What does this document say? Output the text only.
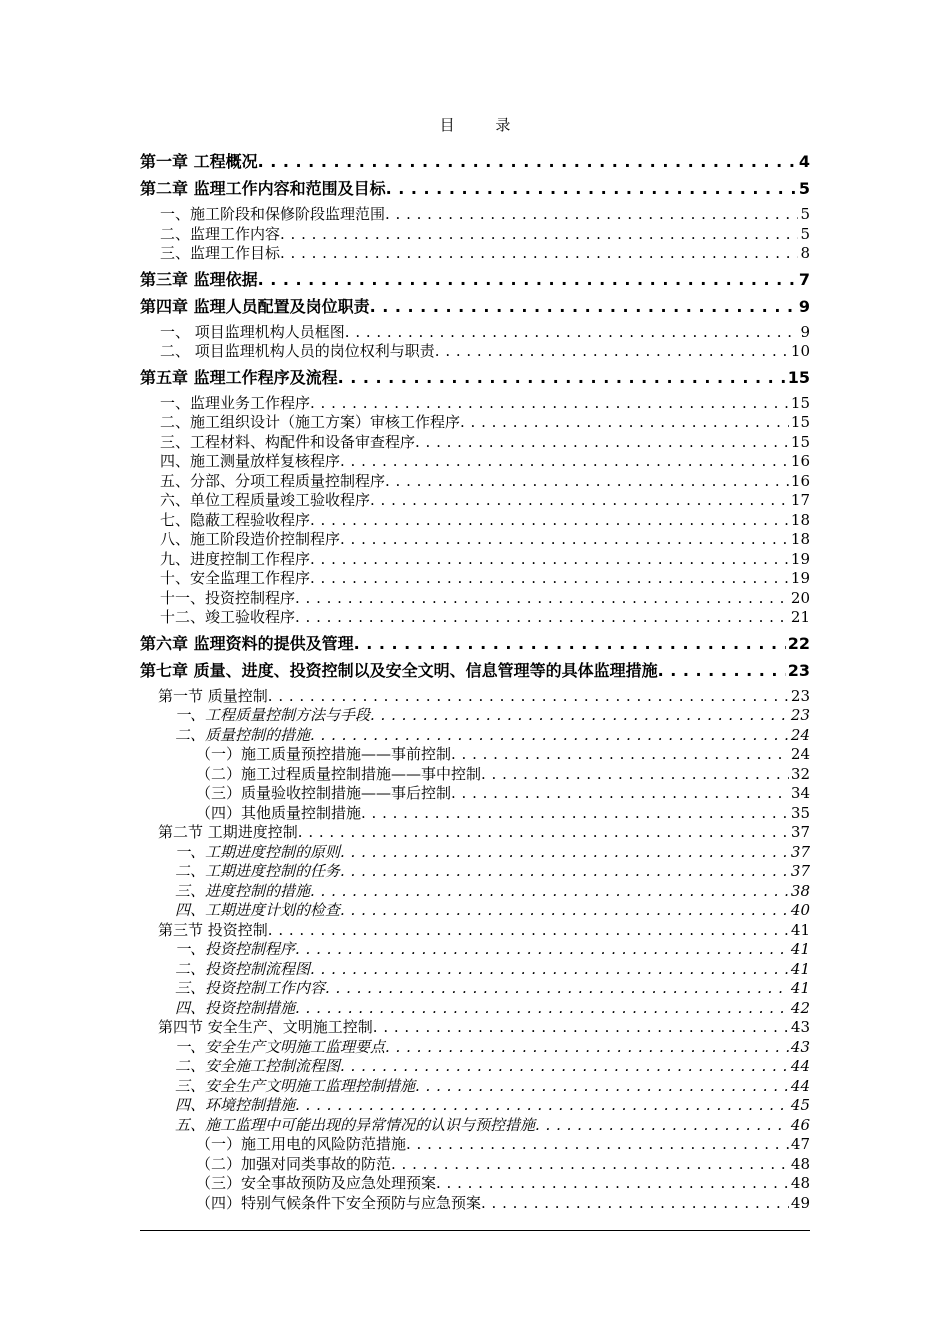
目 录
第一章 工程概况 . . .	4
第二章 监理工作内容和范围及目标 . . .	5
一、施工阶段和保修阶段监理范围 . . .	5
二、监理工作内容 . . .	5
三、监理工作目标 . . .	8
第三章 监理依据 . . .	7
第四章 监理人员配置及岗位职责 . . .	9
一、 项目监理机构人员框图 . . .	9
二、 项目监理机构人员的岗位权利与职责 . . .	10
第五章 监理工作程序及流程 . . .	15
一、监理业务工作程序 . . .	15
二、施工组织设计（施工方案）审核工作程序 . . .	15
三、工程材料、构配件和设备审查程序 . . .	15
四、施工测量放样复核程序 . . .	16
五、分部、分项工程质量控制程序 . . .	16
六、单位工程质量竣工验收程序 . . .	17
七、隐蔽工程验收程序 . . .	18
八、施工阶段造价控制程序 . . .	18
九、进度控制工作程序 . . .	19
十、安全监理工作程序 . . .	19
十一、投资控制程序 . . .	20
十二、竣工验收程序 . . .	21
第六章 监理资料的提供及管理 . . .	22
第七章 质量、进度、投资控制以及安全文明、信息管理等的具体监理措施 . . .	23
第一节 质量控制 . . .	23
一、工程质量控制方法与手段 . . .	23
二、质量控制的措施 . . .	24
（一）施工质量预控措施——事前控制 . . .	24
（二）施工过程质量控制措施——事中控制 . . .	32
（三）质量验收控制措施——事后控制 . . .	34
（四）其他质量控制措施 . . .	35
第二节 工期进度控制 . . .	37
一、工期进度控制的原则 . . .	37
二、工期进度控制的任务 . . .	37
三、进度控制的措施 . . .	38
四、工期进度计划的检查 . . .	40
第三节 投资控制 . . .	41
一、投资控制程序 . . .	41
二、投资控制流程图 . . .	41
三、投资控制工作内容 . . .	41
四、投资控制措施 . . .	42
第四节 安全生产、文明施工控制 . . .	43
一、安全生产文明施工监理要点 . . .	43
二、安全施工控制流程图 . . .	44
三、安全生产文明施工监理控制措施 . . .	44
四、环境控制措施 . . .	45
五、施工监理中可能出现的异常情况的认识与预控措施 . . .	46
（一）施工用电的风险防范措施 . . .	47
（二）加强对同类事故的防范 . . .	48
（三）安全事故预防及应急处理预案 . . .	48
（四）特别气候条件下安全预防与应急预案 . . .	49
